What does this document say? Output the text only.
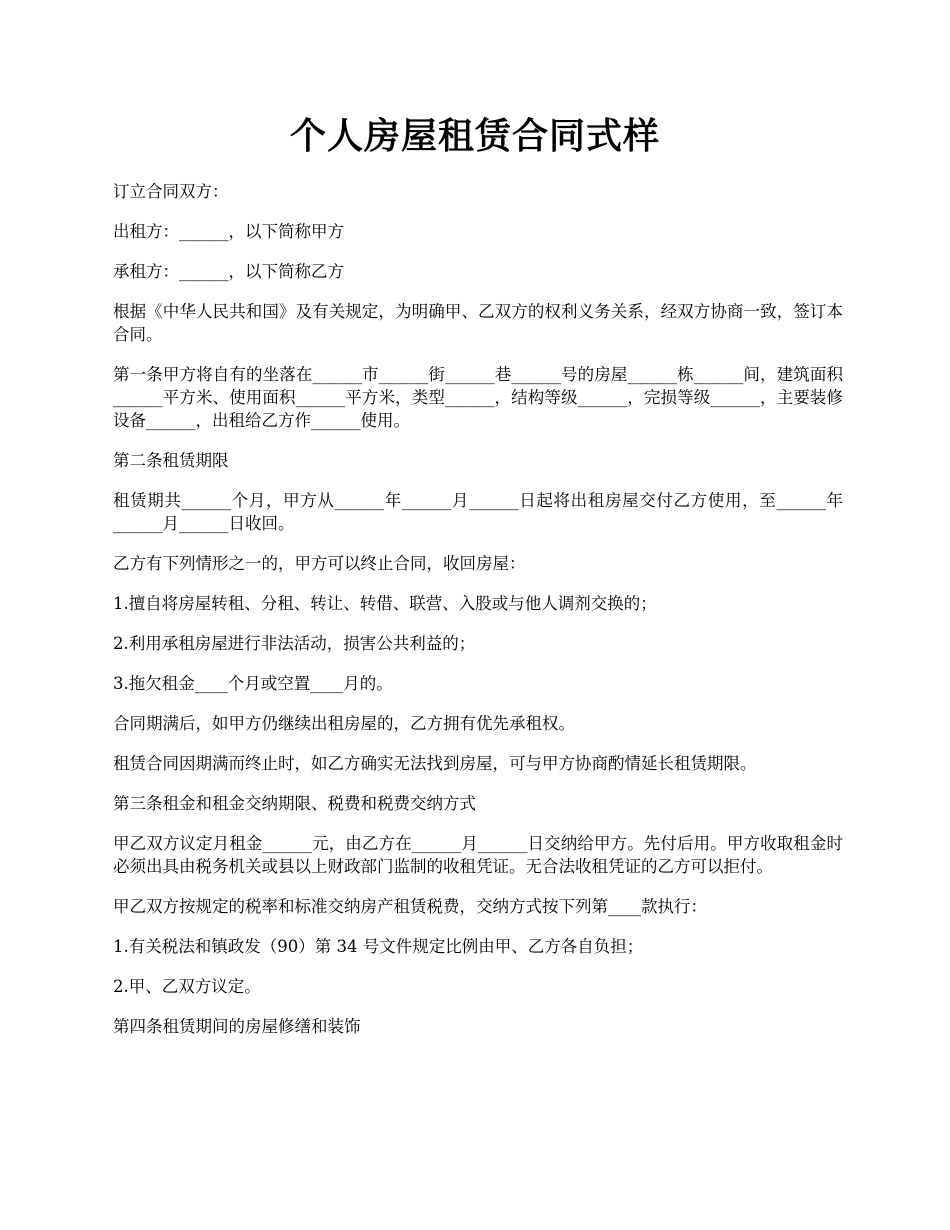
个人房屋租赁合同式样

订立合同双方：

出租方：______，以下简称甲方

承租方：______，以下简称乙方

根据《中华人民共和国》及有关规定，为明确甲、乙双方的权利义务关系，经双方协商一致，签订本合同。

第一条甲方将自有的坐落在______市______街______巷______号的房屋______栋______间，建筑面积______平方米、使用面积______平方米，类型______，结构等级______，完损等级______，主要装修设备______，出租给乙方作______使用。

第二条租赁期限

租赁期共______个月，甲方从______年______月______日起将出租房屋交付乙方使用，至______年______月______日收回。

乙方有下列情形之一的，甲方可以终止合同，收回房屋：

1.擅自将房屋转租、分租、转让、转借、联营、入股或与他人调剂交换的；

2.利用承租房屋进行非法活动，损害公共利益的；

3.拖欠租金____个月或空置____月的。

合同期满后，如甲方仍继续出租房屋的，乙方拥有优先承租权。

租赁合同因期满而终止时，如乙方确实无法找到房屋，可与甲方协商酌情延长租赁期限。

第三条租金和租金交纳期限、税费和税费交纳方式

甲乙双方议定月租金______元，由乙方在______月______日交纳给甲方。先付后用。甲方收取租金时必须出具由税务机关或县以上财政部门监制的收租凭证。无合法收租凭证的乙方可以拒付。

甲乙双方按规定的税率和标准交纳房产租赁税费，交纳方式按下列第____款执行：

1.有关税法和镇政发（90）第 34 号文件规定比例由甲、乙方各自负担；

2.甲、乙双方议定。

第四条租赁期间的房屋修缮和装饰
